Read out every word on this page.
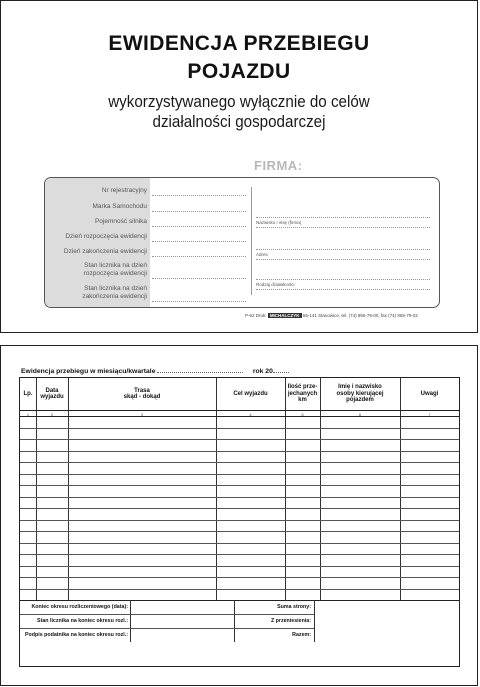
EWIDENCJA PRZEBIEGU
POJAZDU
wykorzystywanego wyłącznie do celów
działalności gospodarczej
FIRMA:
Nr rejestracyjny
Marka Samochodu
Pojemność silnika
Dzień rozpoczęcia ewidencji
Dzień zakończenia ewidencji
Stan licznika na dzień
rozpoczęcia ewidencji
Stan licznika na dzień
zakończenia ewidencji
Nazwisko i imię (firma)
Adres
Rodzaj działalności
P-62 Druk: MICHALCZYK 55-141 Stanowice, tel. (74) 855-79-00, fax (74) 855-79-02
Ewidencja przebiegu w miesiącu/kwartale	rok 20
Lp.
1
Data
wyjazdu
2
Trasa
skąd - dokąd
3
Cel wyjazdu
4
Ilość prze-
jechanych
km
5
Imię i nazwisko
osoby kierującej
pojazdem
6
Uwagi
7
Koniec okresu rozliczeniowego (data):
Stan licznika na koniec okresu rozl.:
Podpis podatnika na koniec okresu rozl.:
Suma strony:
Z przeniesienia:
Razem:
